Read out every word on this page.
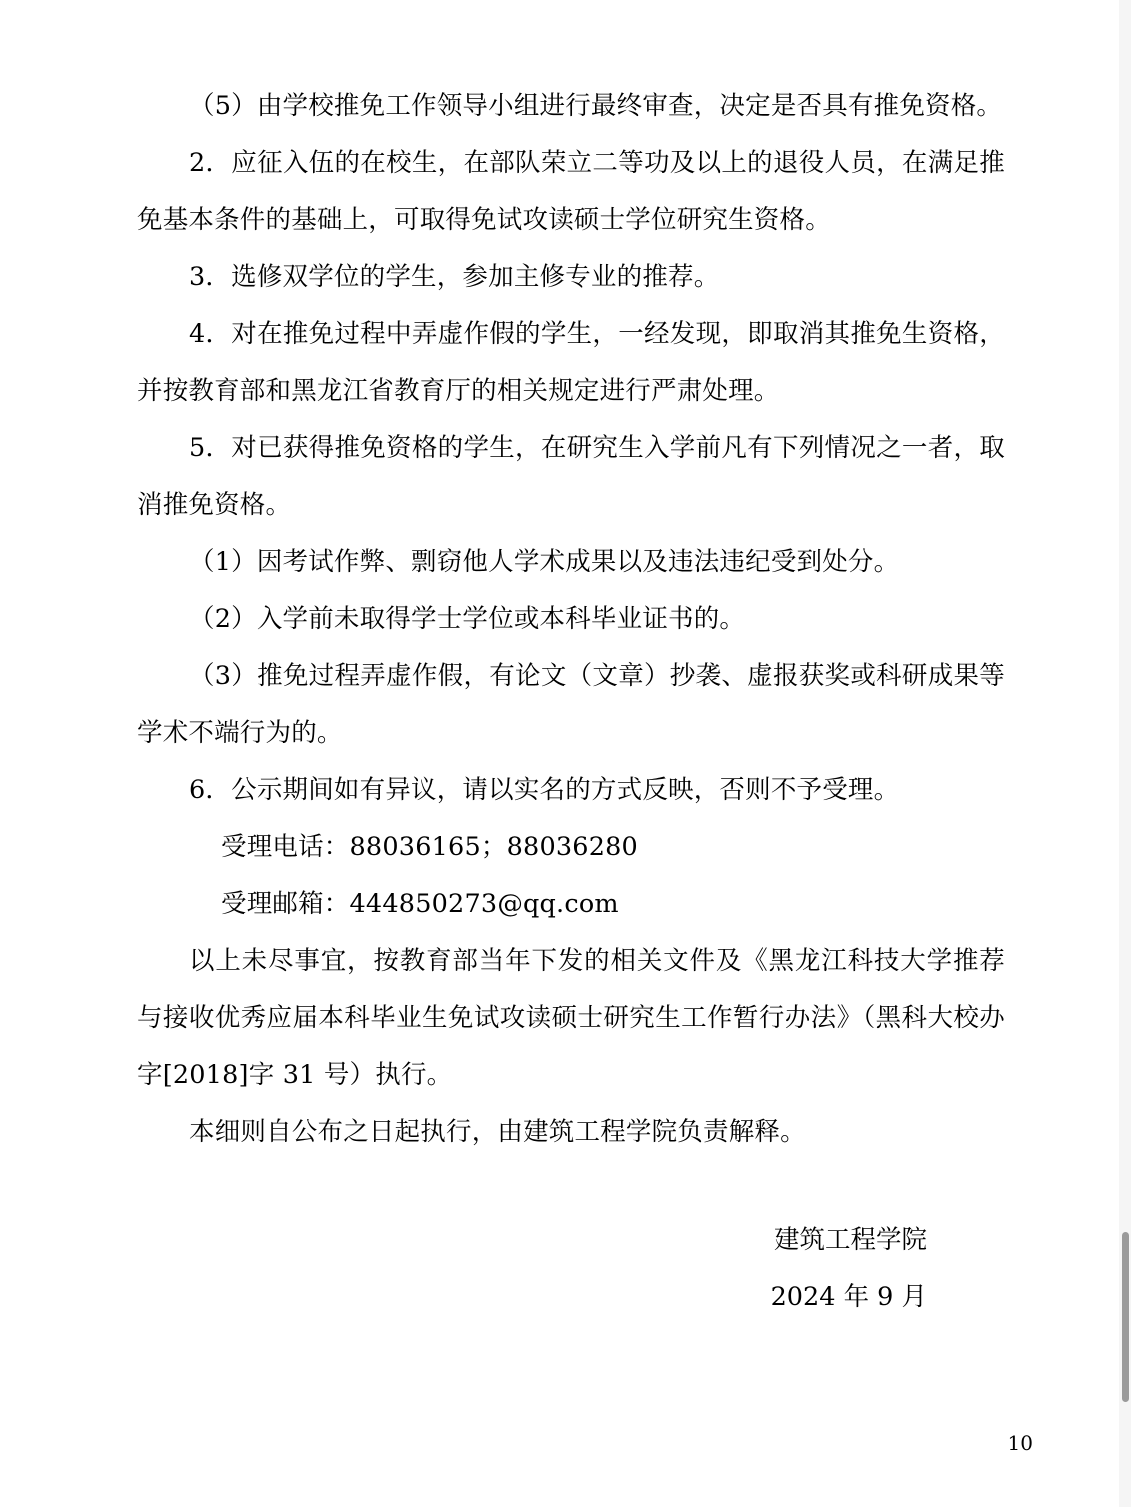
（5）由学校推免工作领导小组进行最终审查，决定是否具有推免资格。

2．应征入伍的在校生，在部队荣立二等功及以上的退役人员，在满足推免基本条件的基础上，可取得免试攻读硕士学位研究生资格。

3．选修双学位的学生，参加主修专业的推荐。

4．对在推免过程中弄虚作假的学生，一经发现，即取消其推免生资格，并按教育部和黑龙江省教育厅的相关规定进行严肃处理。

5．对已获得推免资格的学生，在研究生入学前凡有下列情况之一者，取消推免资格。

（1）因考试作弊、剽窃他人学术成果以及违法违纪受到处分。

（2）入学前未取得学士学位或本科毕业证书的。

（3）推免过程弄虚作假，有论文（文章）抄袭、虚报获奖或科研成果等学术不端行为的。

6．公示期间如有异议，请以实名的方式反映，否则不予受理。

受理电话：88036165；88036280

受理邮箱：444850273@qq.com

以上未尽事宜，按教育部当年下发的相关文件及《黑龙江科技大学推荐与接收优秀应届本科毕业生免试攻读硕士研究生工作暂行办法》（黑科大校办字[2018]字 31 号）执行。

本细则自公布之日起执行，由建筑工程学院负责解释。

建筑工程学院

2024 年 9 月

10
